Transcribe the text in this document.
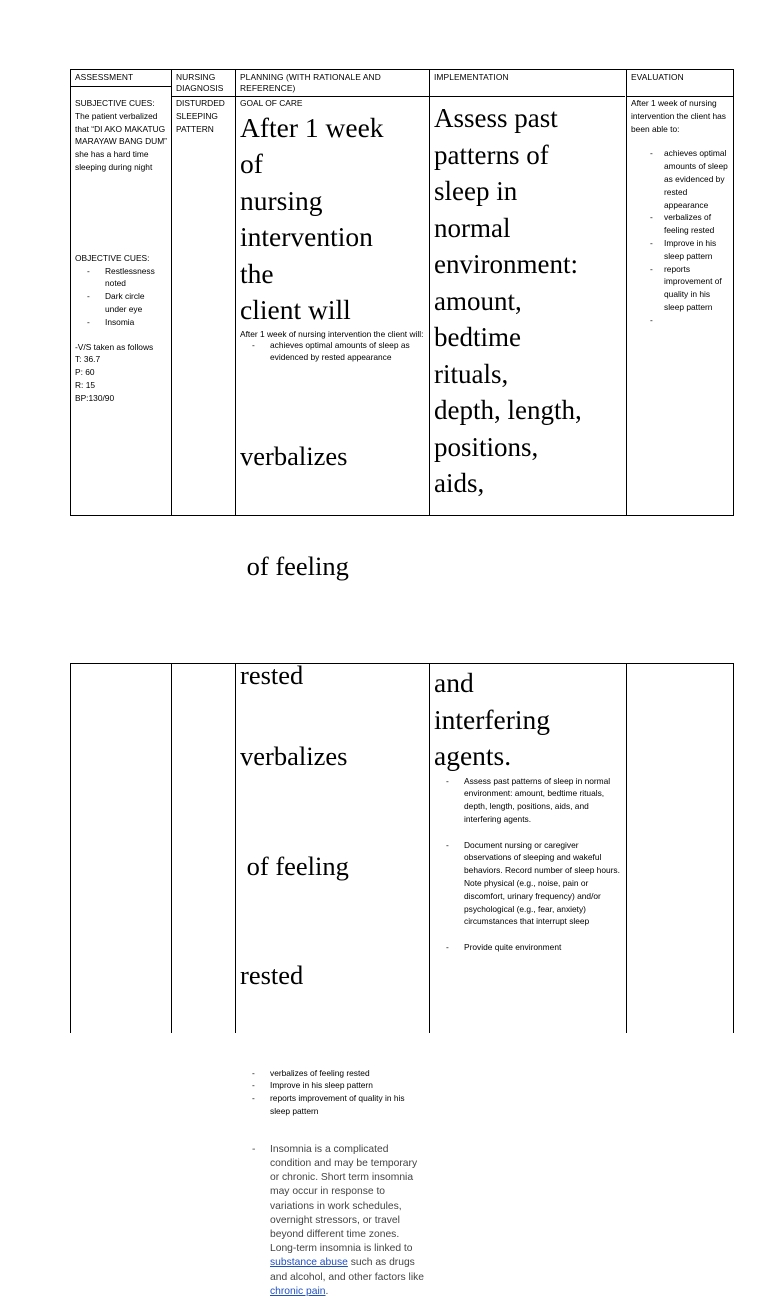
ASSESSMENT	NURSING DIAGNOSIS
PLANNING (WITH RATIONALE AND REFERENCE)
IMPLEMENTATION	EVALUATION
SUBJECTIVE CUES:
The patient verbalized that “DI AKO MAKATUG MARAYAW BANG DUM” she has a hard time sleeping during night
OBJECTIVE CUES:
- Restlessness noted
- Dark circle under eye
- Insomia
-V/S taken as follows
T: 36.7
P: 60
R: 15
BP:130/90
DISTURDED SLEEPING PATTERN
GOAL OF CARE
After 1 week
of
nursing
intervention
the
client will
After 1 week of nursing intervention the client will:
- achieves optimal amounts of sleep as evidenced by rested appearance

verbalizes

of feeling

rested

Assess past
patterns of
sleep in
normal
environment:
amount,
bedtime
rituals,
depth, length,
positions,
aids,
After 1 week of nursing intervention the client has been able to:
- achieves optimal amounts of sleep as evidenced by rested appearance
- verbalizes of feeling rested
- Improve in his sleep pattern
- reports improvement of quality in his sleep pattern
-

verbalizes

of feeling

rested

- verbalizes of feeling rested
- Improve in his sleep pattern
- reports improvement of quality in his sleep pattern
- Insomnia is a complicated condition and may be temporary or chronic. Short term insomnia may occur in response to variations in work schedules, overnight stressors, or travel beyond different time zones. Long-term insomnia is linked to substance abuse such as drugs and alcohol, and other factors like chronic pain.
and
interfering
agents.
- Assess past patterns of sleep in normal environment: amount, bedtime rituals, depth, length, positions, aids, and interfering agents.
- Document nursing or caregiver observations of sleeping and wakeful behaviors. Record number of sleep hours. Note physical (e.g., noise, pain or discomfort, urinary frequency) and/or psychological (e.g., fear, anxiety) circumstances that interrupt sleep
- Provide quite environment
